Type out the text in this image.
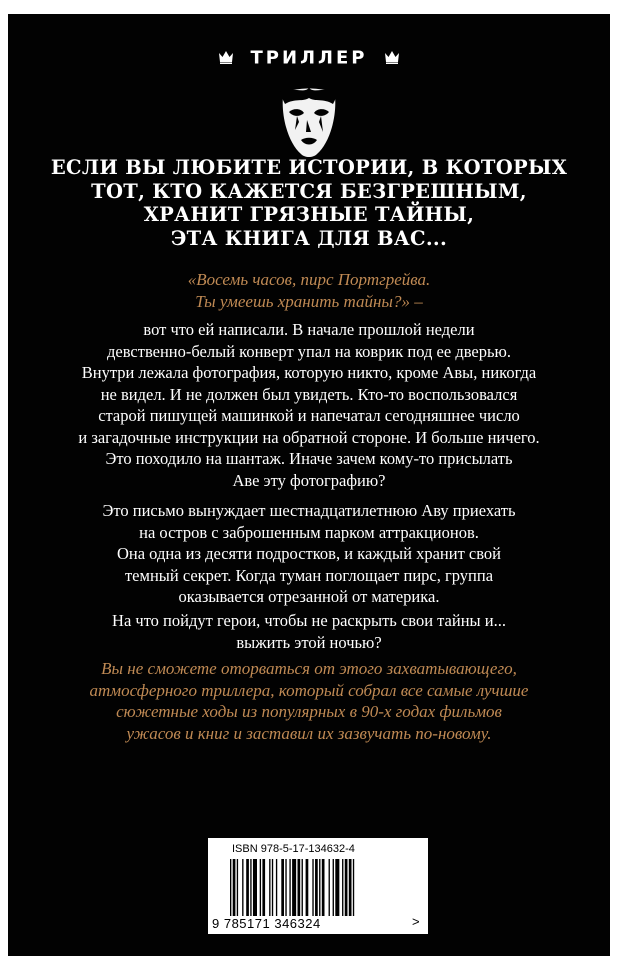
ТРИЛЛЕР
ЕСЛИ ВЫ ЛЮБИТЕ ИСТОРИИ, В КОТОРЫХ
ТОТ, КТО КАЖЕТСЯ БЕЗГРЕШНЫМ,
ХРАНИТ ГРЯЗНЫЕ ТАЙНЫ,
ЭТА КНИГА ДЛЯ ВАС...
«Восемь часов, пирс Портгрейва.
Ты умеешь хранить тайны?» –
вот что ей написали. В начале прошлой недели
девственно-белый конверт упал на коврик под ее дверью.
Внутри лежала фотография, которую никто, кроме Авы, никогда
не видел. И не должен был увидеть. Кто-то воспользовался
старой пишущей машинкой и напечатал сегодняшнее число
и загадочные инструкции на обратной стороне. И больше ничего.
Это походило на шантаж. Иначе зачем кому-то присылать
Аве эту фотографию?
Это письмо вынуждает шестнадцатилетнюю Аву приехать
на остров с заброшенным парком аттракционов.
Она одна из десяти подростков, и каждый хранит свой
темный секрет. Когда туман поглощает пирс, группа
оказывается отрезанной от материка.
На что пойдут герои, чтобы не раскрыть свои тайны и...
выжить этой ночью?
Вы не сможете оторваться от этого захватывающего,
атмосферного триллера, который собрал все самые лучшие
сюжетные ходы из популярных в 90-х годах фильмов
ужасов и книг и заставил их зазвучать по-новому.
ISBN 978-5-17-134632-4
9 785171 346324	>
